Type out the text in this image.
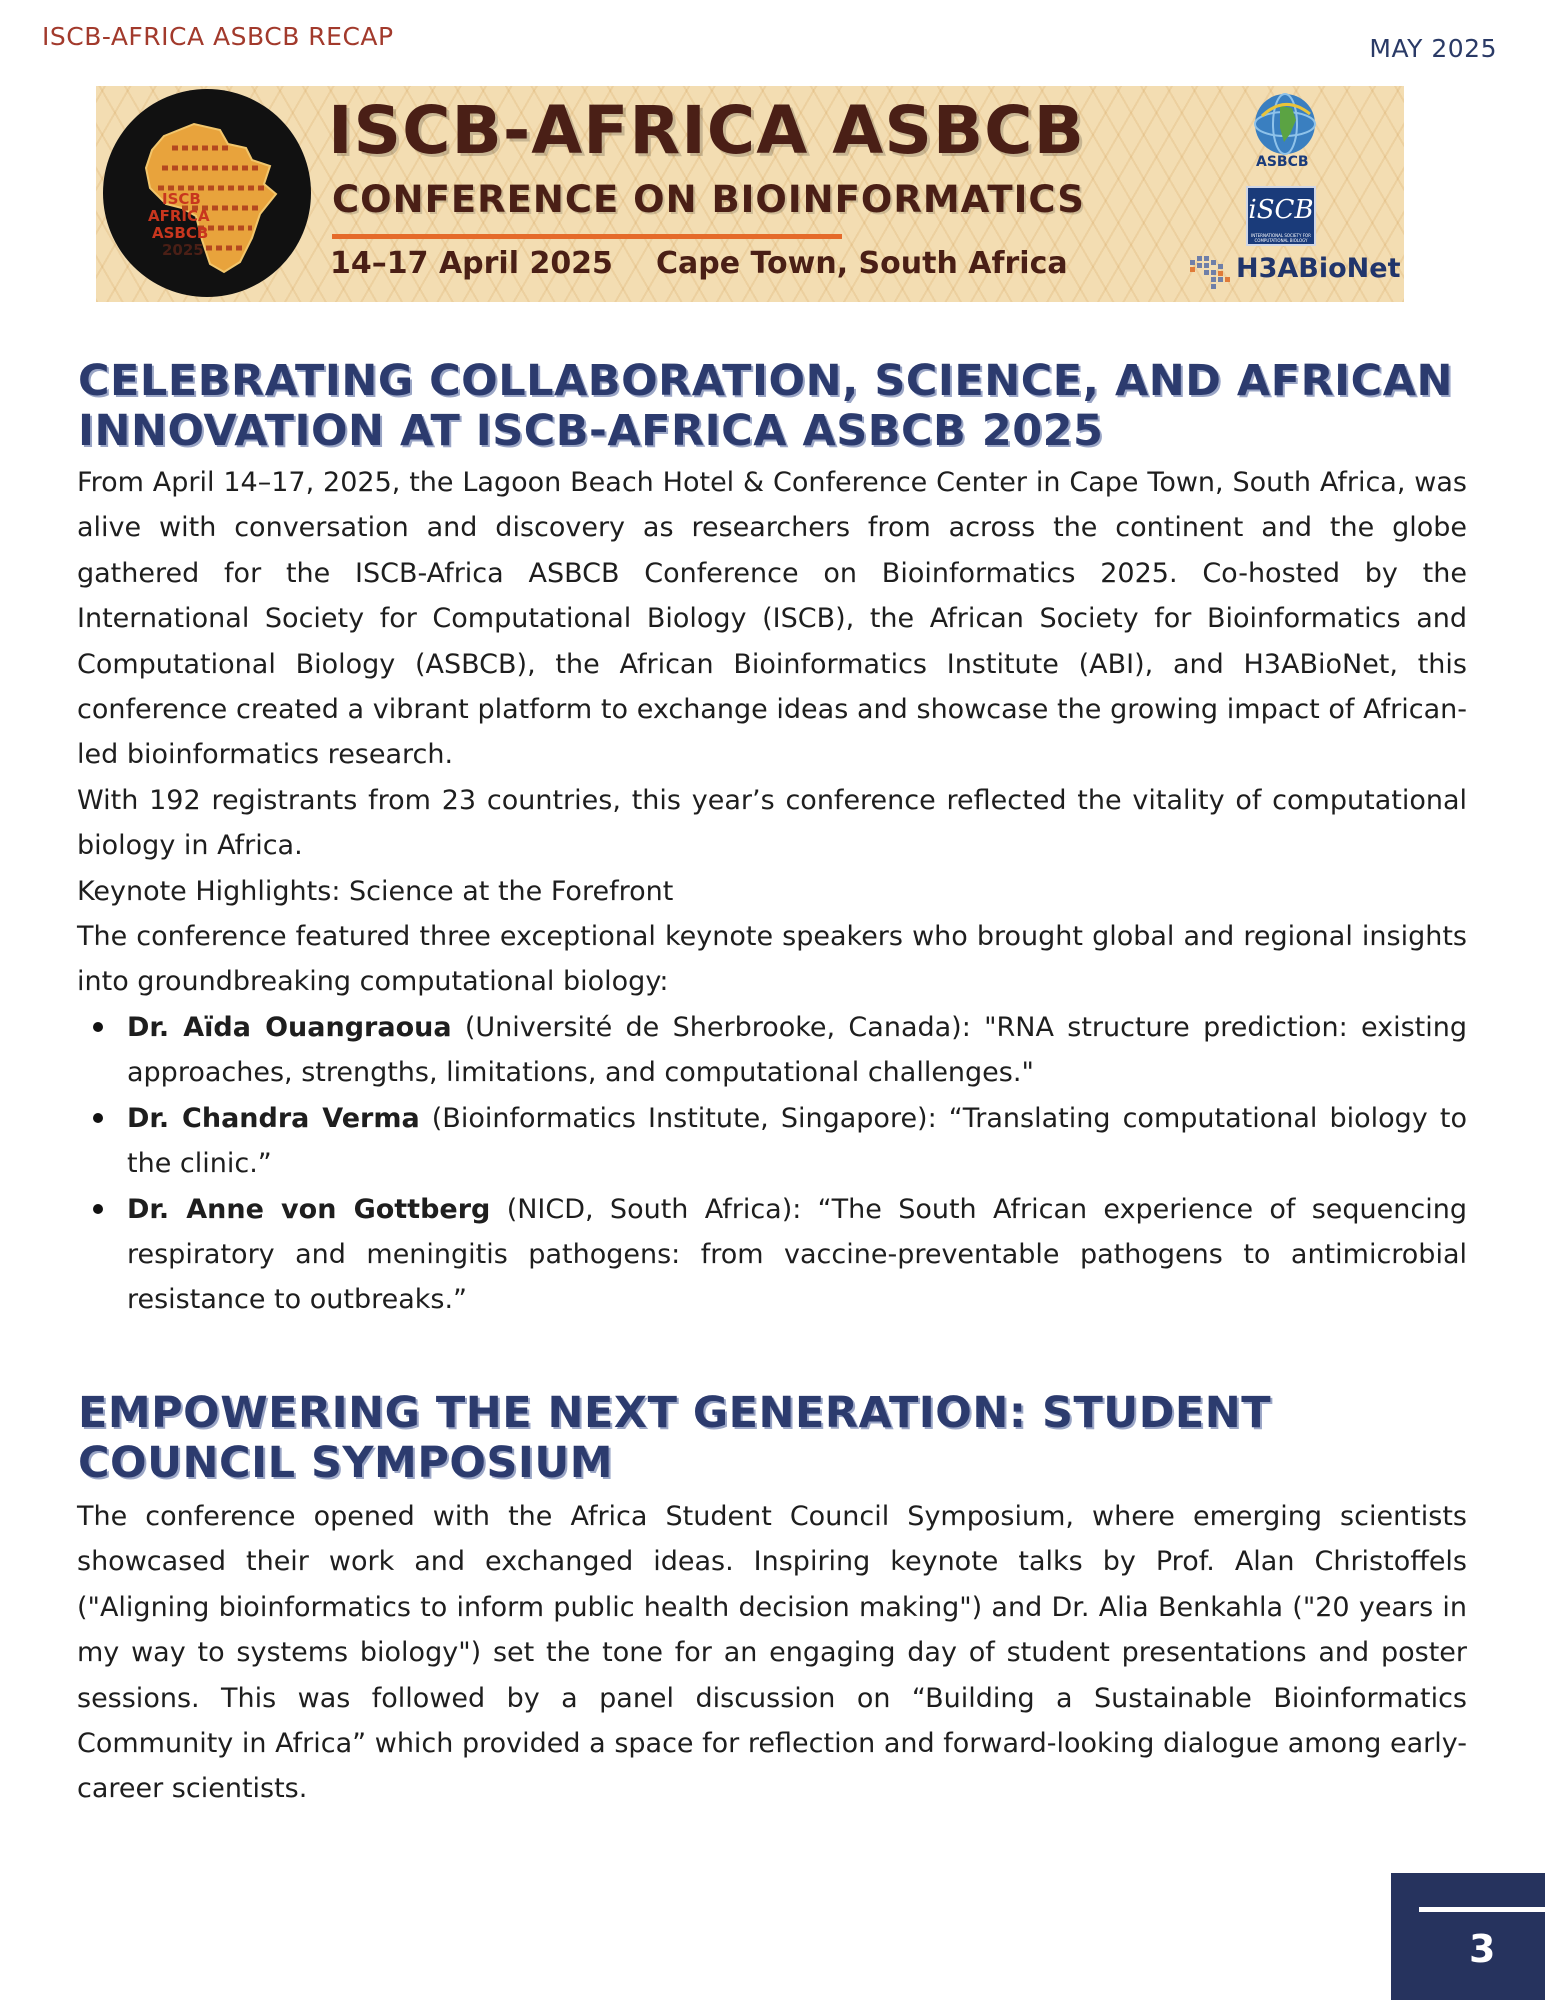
ISCB-AFRICA ASBCB RECAP	MAY 2025
ISCB
AFRICA
ASBCB
2025
ISCB-AFRICA ASBCB
CONFERENCE ON BIOINFORMATICS
14–17 April 2025 Cape Town, South Africa
ASBCB
iSCB
INTERNATIONAL SOCIETY FOR COMPUTATIONAL BIOLOGY
H3ABioNet
CELEBRATING COLLABORATION, SCIENCE, AND AFRICAN INNOVATION AT ISCB-AFRICA ASBCB 2025

From April 14–17, 2025, the Lagoon Beach Hotel & Conference Center in Cape Town, South Africa, was alive with conversation and discovery as researchers from across the continent and the globe gathered for the ISCB-Africa ASBCB Conference on Bioinformatics 2025. Co-hosted by the International Society for Computational Biology (ISCB), the African Society for Bioinformatics and Computational Biology (ASBCB), the African Bioinformatics Institute (ABI), and H3ABioNet, this conference created a vibrant platform to exchange ideas and showcase the growing impact of African-led bioinformatics research.

With 192 registrants from 23 countries, this year’s conference reflected the vitality of computational biology in Africa.

Keynote Highlights: Science at the Forefront

The conference featured three exceptional keynote speakers who brought global and regional insights into groundbreaking computational biology:

Dr. Aïda Ouangraoua (Université de Sherbrooke, Canada): "RNA structure prediction: existing approaches, strengths, limitations, and computational challenges."
Dr. Chandra Verma (Bioinformatics Institute, Singapore): “Translating computational biology to the clinic.”
Dr. Anne von Gottberg (NICD, South Africa): “The South African experience of sequencing respiratory and meningitis pathogens: from vaccine-preventable pathogens to antimicrobial resistance to outbreaks.”
EMPOWERING THE NEXT GENERATION: STUDENT COUNCIL SYMPOSIUM

The conference opened with the Africa Student Council Symposium, where emerging scientists showcased their work and exchanged ideas. Inspiring keynote talks by Prof. Alan Christoffels ("Aligning bioinformatics to inform public health decision making") and Dr. Alia Benkahla ("20 years in my way to systems biology") set the tone for an engaging day of student presentations and poster sessions. This was followed by a panel discussion on “Building a Sustainable Bioinformatics Community in Africa” which provided a space for reflection and forward-looking dialogue among early-career scientists.

3
